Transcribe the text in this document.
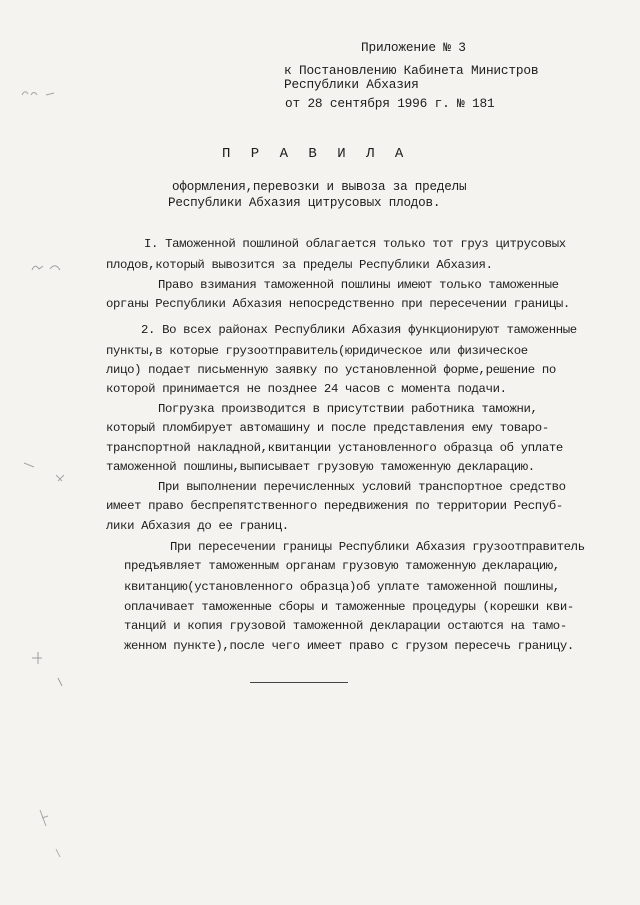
Приложение № 3
к Постановлению Кабинета Министров
Республики Абхазия
от 28 сентября 1996 г. № 181
П Р А В И Л А
оформления,перевозки и вывоза за пределы
Республики Абхазия цитрусовых плодов.
I. Таможенной пошлиной облагается только тот груз цитрусовых
плодов,который вывозится за пределы Республики Абхазия.
Право взимания таможенной пошлины имеют только таможенные
органы Республики Абхазия непосредственно при пересечении границы.
2. Во всех районах Республики Абхазия функционируют таможенные
пункты,в которые грузоотправитель(юридическое или физическое
лицо) подает письменную заявку по установленной форме,решение по
которой принимается не позднее 24 часов с момента подачи.
Погрузка производится в присутствии работника таможни,
который пломбирует автомашину и после представления ему товаро-
транспортной накладной,квитанции установленного образца об уплате
таможенной пошлины,выписывает грузовую таможенную декларацию.
При выполнении перечисленных условий транспортное средство
имеет право беспрепятственного передвижения по территории Респуб-
лики Абхазия до ее границ.
При пересечении границы Республики Абхазия грузоотправитель
предъявляет таможенным органам грузовую таможенную декларацию,
квитанцию(установленного образца)об уплате таможенной пошлины,
оплачивает таможенные сборы и таможенные процедуры (корешки кви-
танций и копия грузовой таможенной декларации остаются на тамо-
женном пункте),после чего имеет право с грузом пересечь границу.
